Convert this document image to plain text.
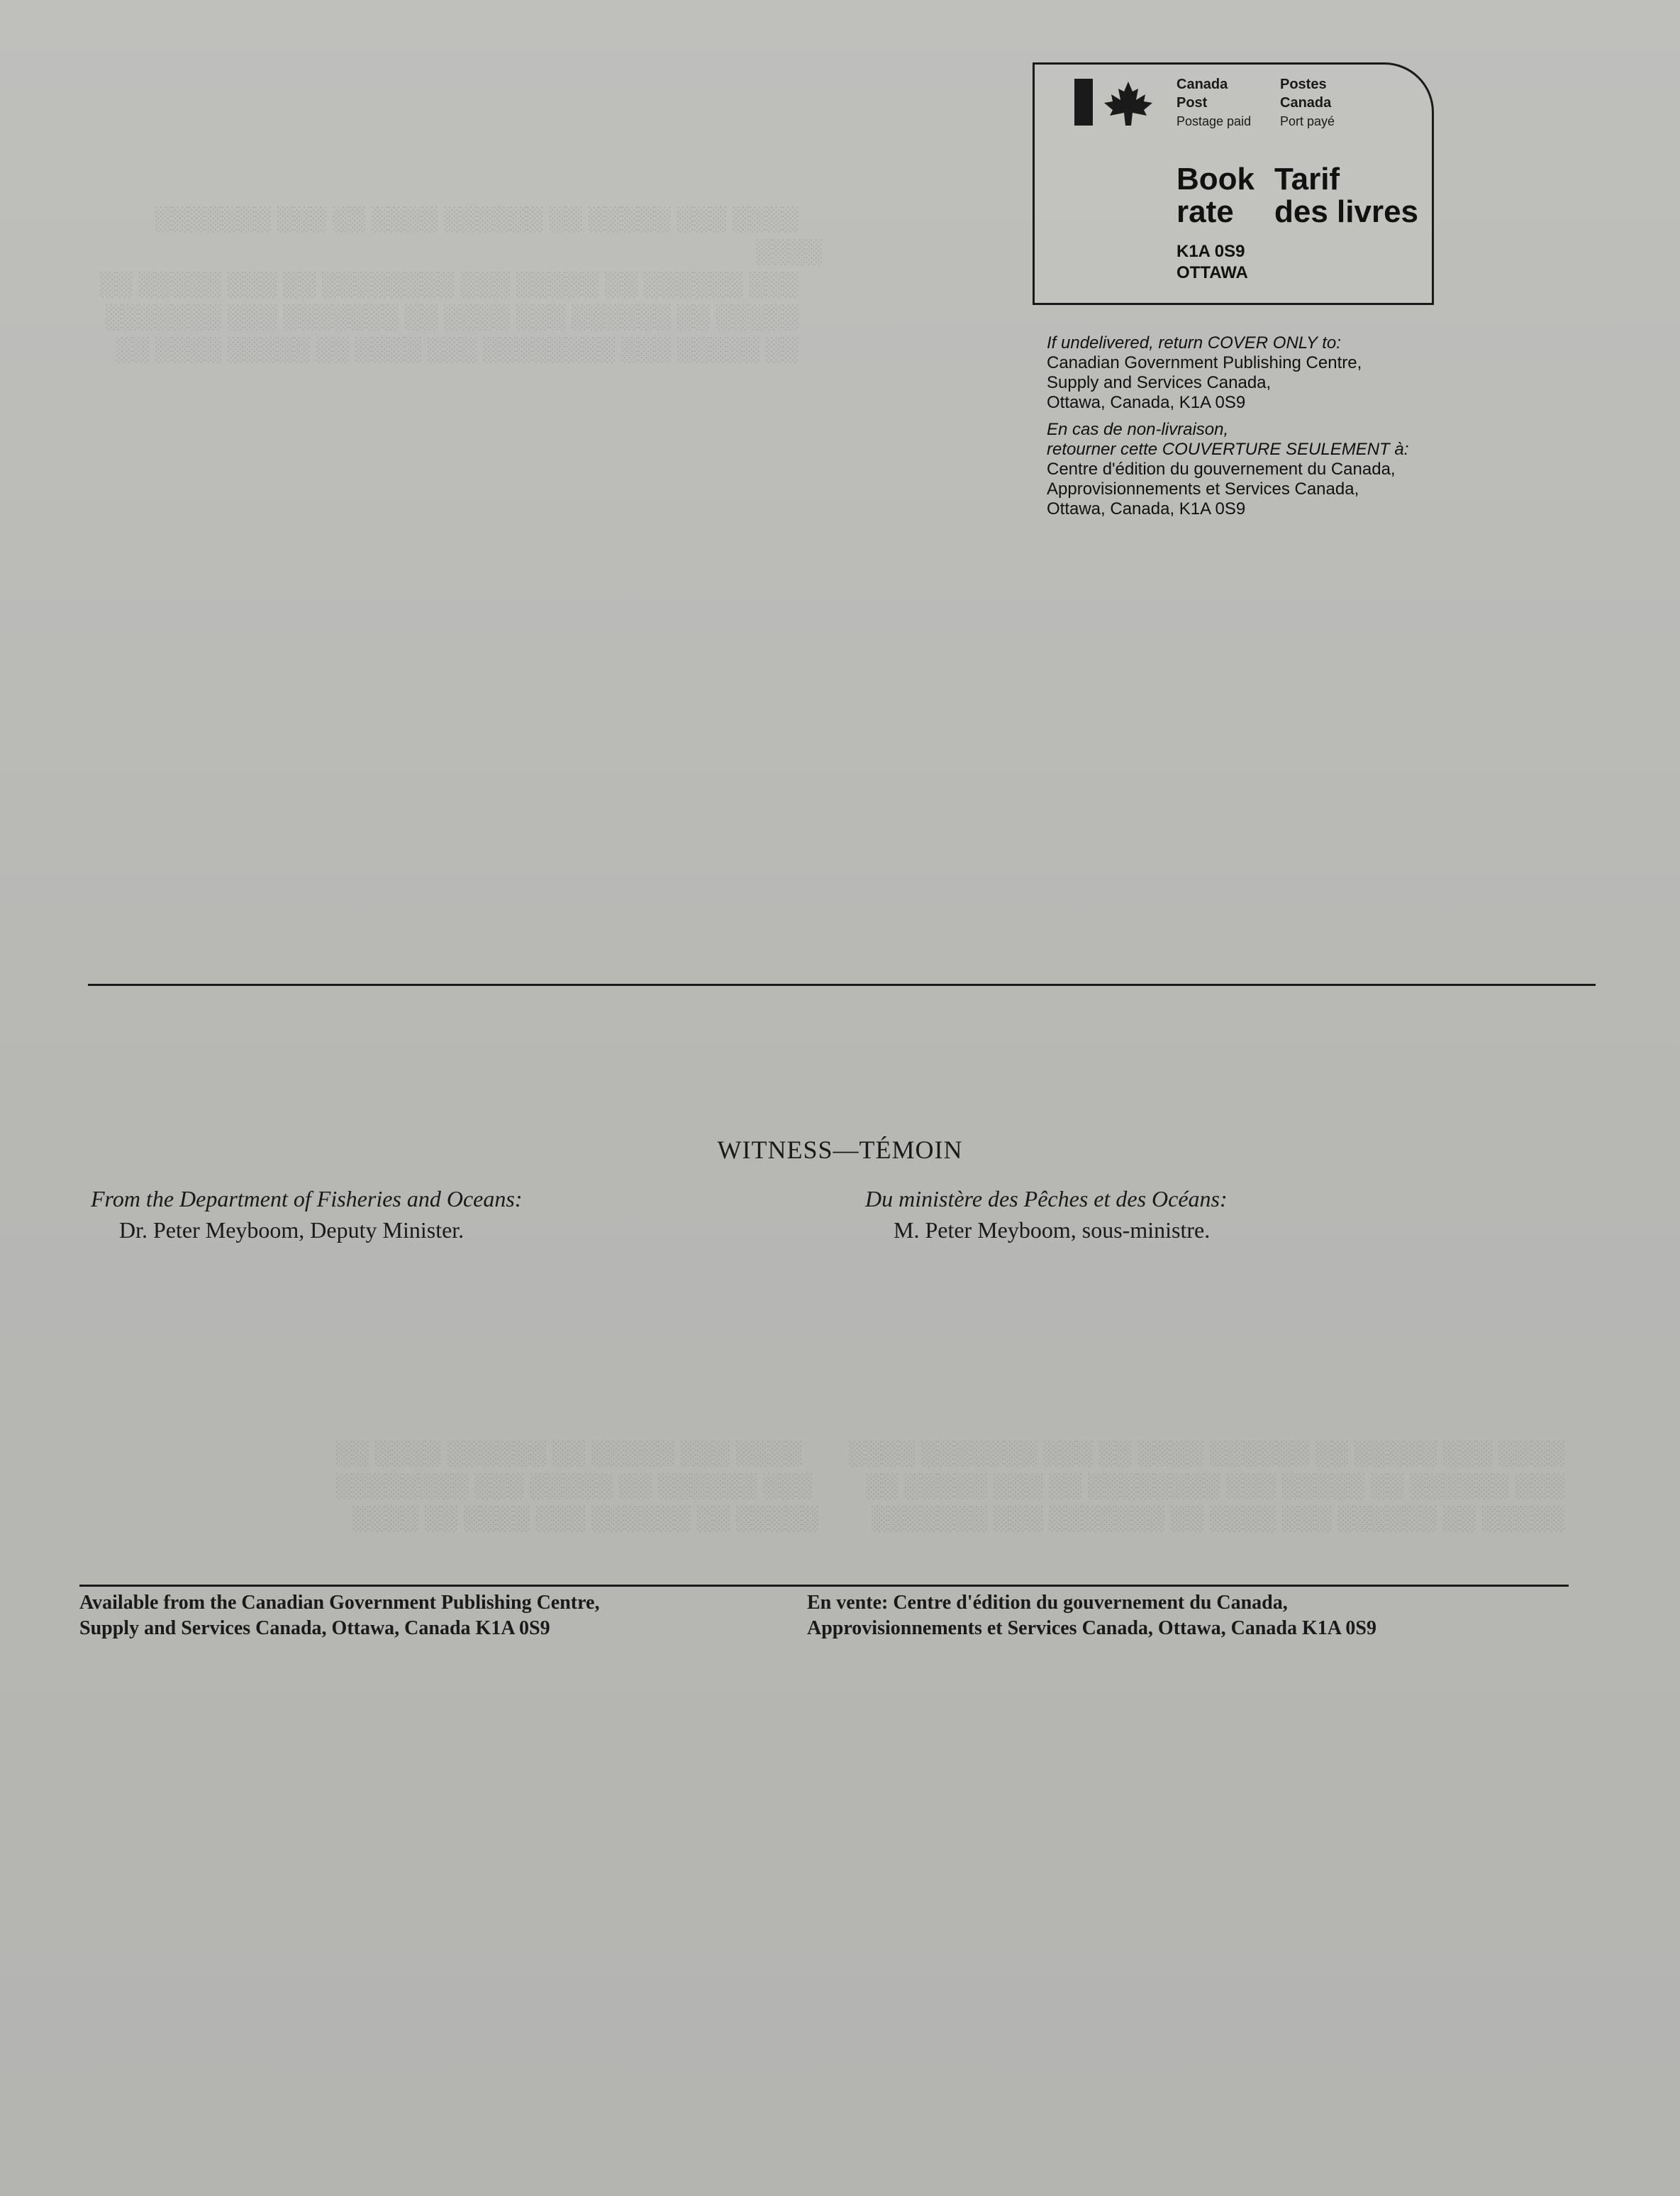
░░░░ ░░░ ░░░░░ ░░ ░░░░░░ ░░░░ ░░ ░░░ ░░░░░░░ ░░░░
░░░ ░░░░░░ ░░ ░░░░░ ░░░ ░░░░░░░░ ░░ ░░░ ░░░░░ ░░
░░░░░ ░░ ░░░░░░ ░░░ ░░░░ ░░ ░░░░░░░ ░░░ ░░░░░░░
░░ ░░░░░ ░░░ ░░░░░░░░ ░░░ ░░░░ ░░ ░░░░░ ░░░░ ░░

░░░░ ░░░ ░░░░░ ░░ ░░░░░░ ░░░░ ░░ ░░░ ░░░░░░░ ░░░░        ░░░░ ░░░ ░░░░░ ░░ ░░░░░░ ░░░░ ░░
░░░ ░░░░░░ ░░ ░░░░░ ░░░ ░░░░░░░░ ░░ ░░░ ░░░░░ ░░         ░░░ ░░░░░░ ░░ ░░░░░ ░░░ ░░░░░░░░
░░░░░ ░░ ░░░░░░ ░░░ ░░░░ ░░ ░░░░░░░ ░░░ ░░░░░░░         ░░░░░ ░░ ░░░░░░ ░░░ ░░░░ ░░ ░░░░

Canada
Post
Postage paid
Postes
Canada
Port payé
Book
rate
Tarif
des livres
K1A 0S9
OTTAWA
If undelivered, return COVER ONLY to:
Canadian Government Publishing Centre,
Supply and Services Canada,
Ottawa, Canada, K1A 0S9
En cas de non-livraison,
retourner cette COUVERTURE SEULEMENT à:
Centre d'édition du gouvernement du Canada,
Approvisionnements et Services Canada,
Ottawa, Canada, K1A 0S9
WITNESS—TÉMOIN
From the Department of Fisheries and Oceans:
Dr. Peter Meyboom, Deputy Minister.
Du ministère des Pêches et des Océans:
M. Peter Meyboom, sous-ministre.
Available from the Canadian Government Publishing Centre,
Supply and Services Canada, Ottawa, Canada K1A 0S9
En vente: Centre d'édition du gouvernement du Canada,
Approvisionnements et Services Canada, Ottawa, Canada K1A 0S9
